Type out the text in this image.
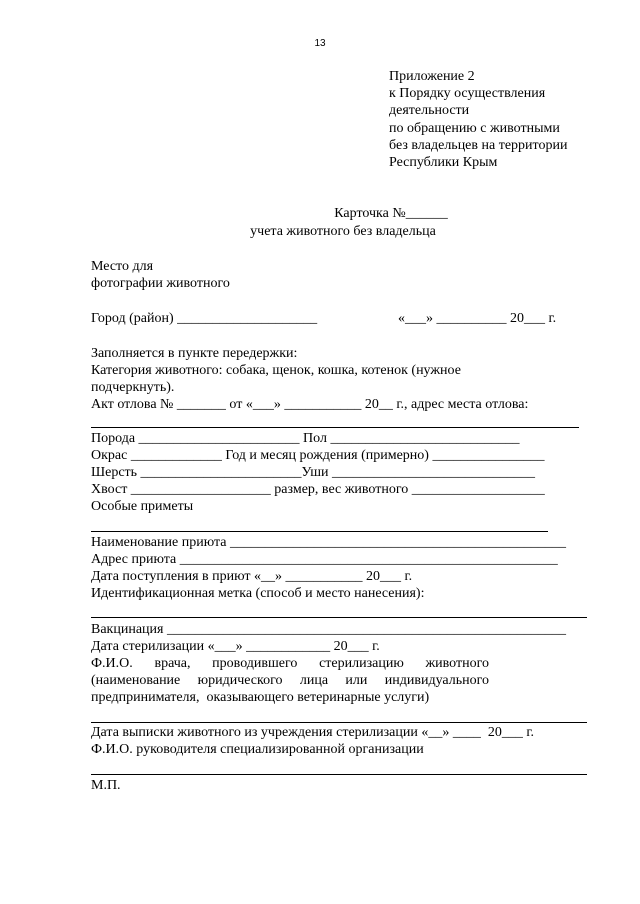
13
Приложение 2
к Порядку осуществления
деятельности
по обращению с животными
без владельцев на территории
Республики Крым
Карточка №______
учета животного без владельца
Место для
фотографии животного
Город (район) ____________________	«___» __________ 20___ г.
Заполняется в пункте передержки:
Категория животного: собака, щенок, кошка, котенок (нужное
подчеркнуть).
Акт отлова № _______ от «___» ___________ 20__ г., адрес места отлова:
Порода _______________________ Пол ___________________________
Окрас _____________ Год и месяц рождения (примерно) ________________
Шерсть _______________________Уши _____________________________
Хвост ____________________ размер, вес животного ___________________
Особые приметы
Наименование приюта ________________________________________________
Адрес приюта ______________________________________________________
Дата поступления в приют «__» ___________ 20___ г.
Идентификационная метка (способ и место нанесения):
Вакцинация _________________________________________________________
Дата стерилизации «___» ____________ 20___ г.
Ф.И.О. врача, проводившего стерилизацию животного
(наименование юридического лица или индивидуального
предпринимателя,  оказывающего ветеринарные услуги)
Дата выписки животного из учреждения стерилизации «__» ____  20___ г.
Ф.И.О. руководителя специализированной организации
М.П.
